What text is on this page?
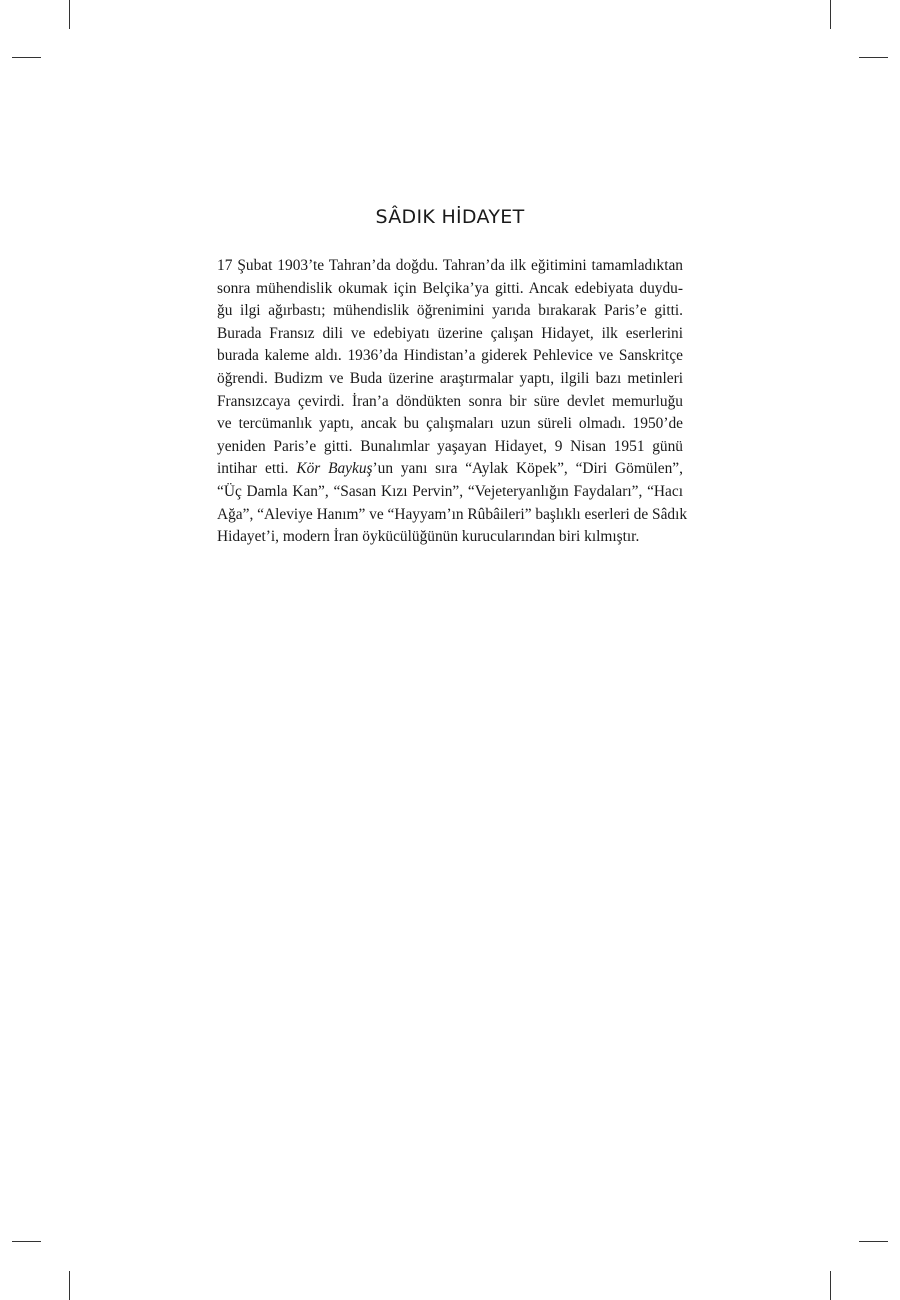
SÂDIK HİDAYET
17 Şubat 1903’te Tahran’da doğdu. Tahran’da ilk eğitimini tamamladıktan
sonra mühendislik okumak için Belçika’ya gitti. Ancak edebiyata duydu-
ğu ilgi ağırbastı; mühendislik öğrenimini yarıda bırakarak Paris’e gitti.
Burada Fransız dili ve edebiyatı üzerine çalışan Hidayet, ilk eserlerini
burada kaleme aldı. 1936’da Hindistan’a giderek Pehlevice ve Sanskritçe
öğrendi. Budizm ve Buda üzerine araştırmalar yaptı, ilgili bazı metinleri
Fransızcaya çevirdi. İran’a döndükten sonra bir süre devlet memurluğu
ve tercümanlık yaptı, ancak bu çalışmaları uzun süreli olmadı. 1950’de
yeniden Paris’e gitti. Bunalımlar yaşayan Hidayet, 9 Nisan 1951 günü
intihar etti. Kör Baykuş’un yanı sıra “Aylak Köpek”, “Diri Gömülen”,
“Üç Damla Kan”, “Sasan Kızı Pervin”, “Vejeteryanlığın Faydaları”, “Hacı
Ağa”, “Aleviye Hanım” ve “Hayyam’ın Rûbâileri” başlıklı eserleri de Sâdık
Hidayet’i, modern İran öykücülüğünün kurucularından biri kılmıştır.
